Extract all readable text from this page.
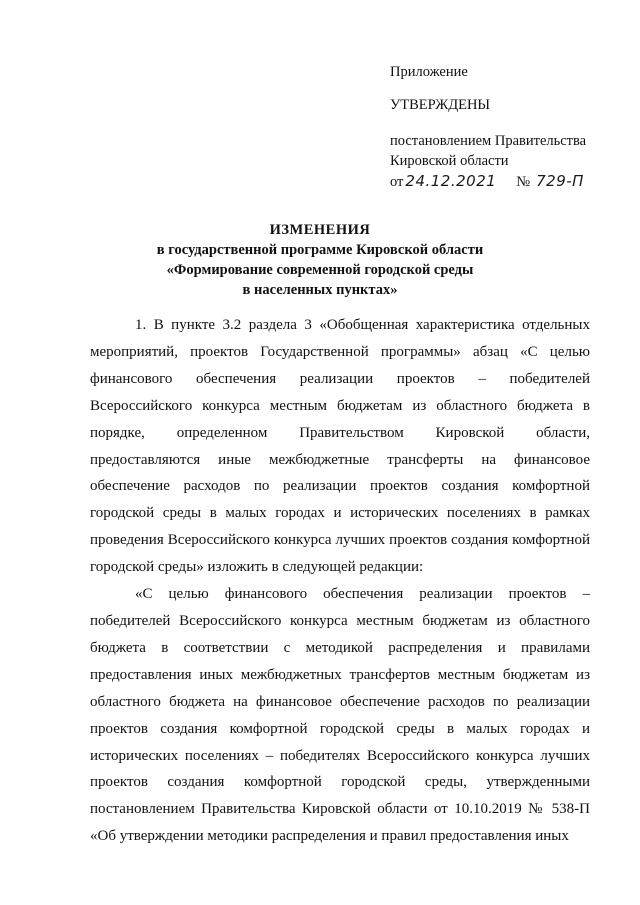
Приложение
УТВЕРЖДЕНЫ
постановлением Правительства
Кировской области
от 24.12.2021 № 729-П
ИЗМЕНЕНИЯ
в государственной программе Кировской области
«Формирование современной городской среды
в населенных пунктах»

1. В пункте 3.2 раздела 3 «Обобщенная характеристика отдельных мероприятий, проектов Государственной программы» абзац «С целью финансового обеспечения реализации проектов – победителей Всероссийского конкурса местным бюджетам из областного бюджета в порядке, определенном Правительством Кировской области, предоставляются иные межбюджетные трансферты на финансовое обеспечение расходов по реализации проектов создания комфортной городской среды в малых городах и исторических поселениях в рамках проведения Всероссийского конкурса лучших проектов создания комфортной городской среды» изложить в следующей редакции:

«С целью финансового обеспечения реализации проектов – победителей Всероссийского конкурса местным бюджетам из областного бюджета в соответствии с методикой распределения и правилами предоставления иных межбюджетных трансфертов местным бюджетам из областного бюджета на финансовое обеспечение расходов по реализации проектов создания комфортной городской среды в малых городах и исторических поселениях – победителях Всероссийского конкурса лучших проектов создания комфортной городской среды, утвержденными постановлением Правительства Кировской области от 10.10.2019 № 538-П «Об утверждении методики распределения и правил предоставления иных
